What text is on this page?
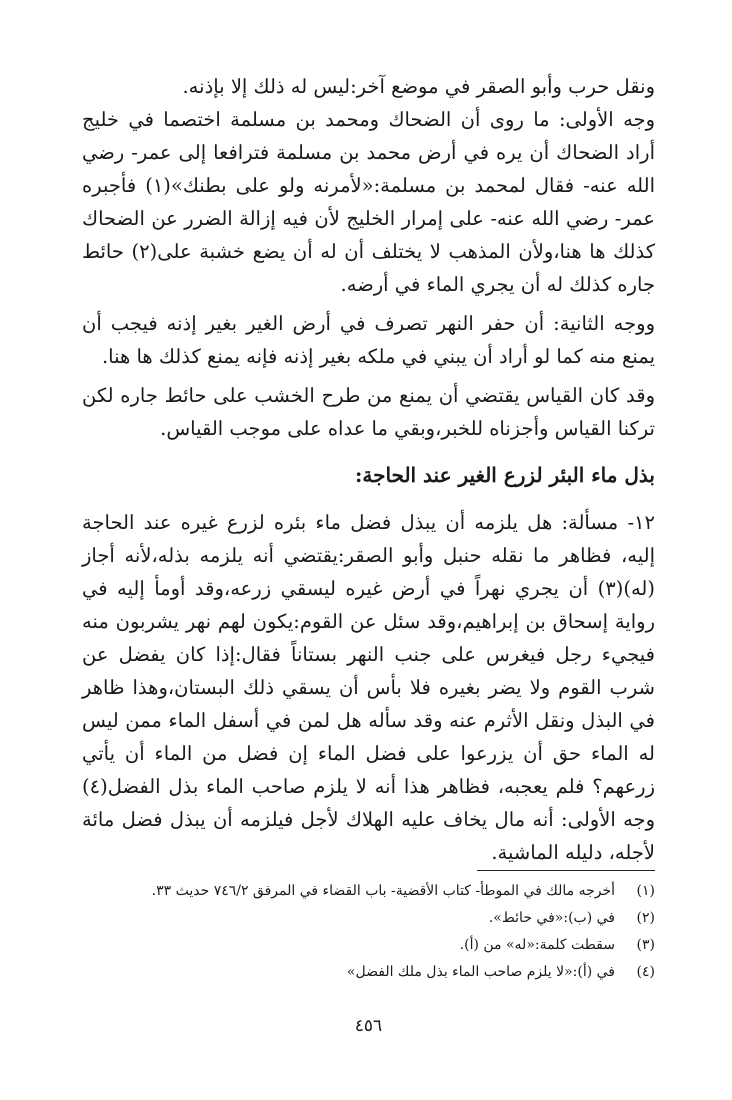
ونقل حرب وأبو الصقر في موضع آخر:ليس له ذلك إلا بإذنه.

وجه الأولى: ما روى أن الضحاك ومحمد بن مسلمة اختصما في خليج أراد الضحاك أن يره في أرض محمد بن مسلمة فترافعا إلى عمر- رضي الله عنه- فقال لمحمد بن مسلمة:«لأمرنه ولو على بطنك»(١) فأجبره عمر- رضي الله عنه- على إمرار الخليج لأن فيه إزالة الضرر عن الضحاك كذلك ها هنا،ولأن المذهب لا يختلف أن له أن يضع خشبة على(٢) حائط جاره كذلك له أن يجري الماء في أرضه.

ووجه الثانية: أن حفر النهر تصرف في أرض الغير بغير إذنه فيجب أن يمنع منه كما لو أراد أن يبني في ملكه بغير إذنه فإنه يمنع كذلك ها هنا.

وقد كان القياس يقتضي أن يمنع من طرح الخشب على حائط جاره لكن تركنا القياس وأجزناه للخبر،وبقي ما عداه على موجب القياس.

بذل ماء البئر لزرع الغير عند الحاجة:

١٢- مسألة: هل يلزمه أن يبذل فضل ماء بئره لزرع غيره عند الحاجة إليه، فظاهر ما نقله حنبل وأبو الصقر:يقتضي أنه يلزمه بذله،لأنه أجاز (له)(٣) أن يجري نهراً في أرض غيره ليسقي زرعه،وقد أومأ إليه في رواية إسحاق بن إبراهيم،وقد سئل عن القوم:يكون لهم نهر يشربون منه فيجيء رجل فيغرس على جنب النهر بستاناً فقال:إذا كان يفضل عن شرب القوم ولا يضر بغيره فلا بأس أن يسقي ذلك البستان،وهذا ظاهر في البذل ونقل الأثرم عنه وقد سأله هل لمن في أسفل الماء ممن ليس له الماء حق أن يزرعوا على فضل الماء إن فضل من الماء أن يأتي زرعهم؟ فلم يعجبه، فظاهر هذا أنه لا يلزم صاحب الماء بذل الفضل(٤) وجه الأولى: أنه مال يخاف عليه الهلاك لأجل فيلزمه أن يبذل فضل مائة لأجله، دليله الماشية.

(١)
أخرجه مالك في الموطأ- كتاب الأقضية- باب القضاء في المرفق ٧٤٦/٢ حديث ٣٣.
(٢)
في (ب):«في حائط».
(٣)
سقطت كلمة:«له» من (أ).
(٤)
في (أ):«لا يلزم صاحب الماء بذل ملك الفضل»
٤٥٦
